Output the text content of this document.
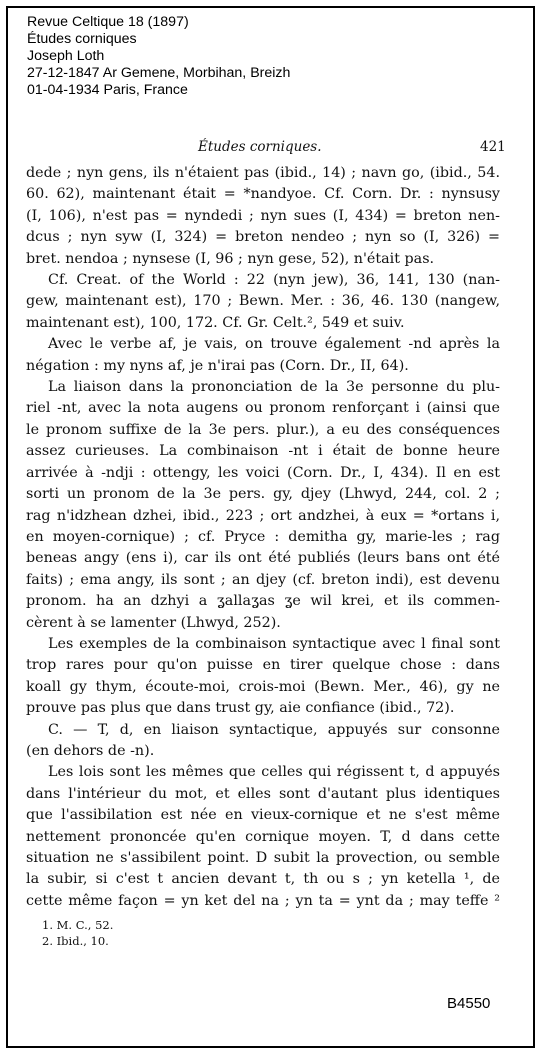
Revue Celtique 18 (1897)
Études corniques
Joseph Loth
27-12-1847 Ar Gemene, Morbihan, Breizh
01-04-1934 Paris, France
Études corniques.	421
dede ; nyn gens, ils n'étaient pas (ibid., 14) ; navn go, (ibid., 54.
60. 62), maintenant était = *nandyoe. Cf. Corn. Dr. : nynsusy
(I, 106), n'est pas = nyndedi ; nyn sues (I, 434) = breton nen-
dcus ; nyn syw (I, 324) = breton nendeo ; nyn so (I, 326) =
bret. nendoa ; nynsese (I, 96 ; nyn gese, 52), n'était pas.
Cf. Creat. of the World : 22 (nyn jew), 36, 141, 130 (nan-
gew, maintenant est), 170 ; Bewn. Mer. : 36, 46. 130 (nangew,
maintenant est), 100, 172. Cf. Gr. Celt.², 549 et suiv.
Avec le verbe af, je vais, on trouve également -nd après la
négation : my nyns af, je n'irai pas (Corn. Dr., II, 64).
La liaison dans la prononciation de la 3e personne du plu-
riel -nt, avec la nota augens ou pronom renforçant i (ainsi que
le pronom suffixe de la 3e pers. plur.), a eu des conséquences
assez curieuses. La combinaison -nt i était de bonne heure
arrivée à -ndji : ottengy, les voici (Corn. Dr., I, 434). Il en est
sorti un pronom de la 3e pers. gy, djey (Lhwyd, 244, col. 2 ;
rag n'idzhean dzhei, ibid., 223 ; ort andzhei, à eux = *ortans i,
en moyen-cornique) ; cf. Pryce : demitha gy, marie-les ; rag
beneas angy (ens i), car ils ont été publiés (leurs bans ont été
faits) ; ema angy, ils sont ; an djey (cf. breton indi), est devenu
pronom. ha an dzhyi a ʓallaʓas ʓe wil krei, et ils commen-
cèrent à se lamenter (Lhwyd, 252).
Les exemples de la combinaison syntactique avec l final sont
trop rares pour qu'on puisse en tirer quelque chose : dans
koall gy thym, écoute-moi, crois-moi (Bewn. Mer., 46), gy ne
prouve pas plus que dans trust gy, aie confiance (ibid., 72).
C. — T, d, en liaison syntactique, appuyés sur consonne
(en dehors de -n).
Les lois sont les mêmes que celles qui régissent t, d appuyés
dans l'intérieur du mot, et elles sont d'autant plus identiques
que l'assibilation est née en vieux-cornique et ne s'est même
nettement prononcée qu'en cornique moyen. T, d dans cette
situation ne s'assibilent point. D subit la provection, ou semble
la subir, si c'est t ancien devant t, th ou s ; yn ketella ¹, de
cette même façon = yn ket del na ; yn ta = ynt da ; may teffe ²
1. M. C., 52.
2. Ibid., 10.
B4550
